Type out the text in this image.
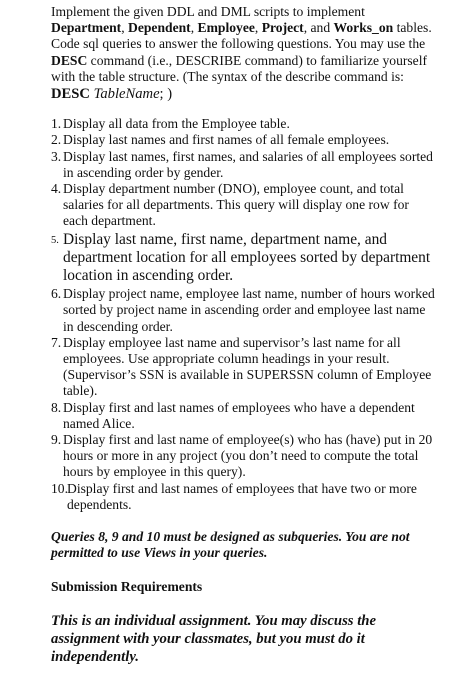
Implement the given DDL and DML scripts to implement Department, Dependent, Employee, Project, and Works_on tables. Code sql queries to answer the following questions. You may use the DESC command (i.e., DESCRIBE command) to familiarize yourself with the table structure. (The syntax of the describe command is:

DESC TableName; )

1. Display all data from the Employee table.
2. Display last names and first names of all female employees.
3. Display last names, first names, and salaries of all employees sorted in ascending order by gender.
4. Display department number (DNO), employee count, and total salaries for all departments. This query will display one row for each department.
5. Display last name, first name, department name, and department location for all employees sorted by department location in ascending order.
6. Display project name, employee last name, number of hours worked sorted by project name in ascending order and employee last name in descending order.
7. Display employee last name and supervisor’s last name for all employees. Use appropriate column headings in your result. (Supervisor’s SSN is available in SUPERSSN column of Employee table).
8. Display first and last names of employees who have a dependent named Alice.
9. Display first and last name of employee(s) who has (have) put in 20 hours or more in any project (you don’t need to compute the total hours by employee in this query).
10. Display first and last names of employees that have two or more dependents.

Queries 8, 9 and 10 must be designed as subqueries. You are not permitted to use Views in your queries.

Submission Requirements

This is an individual assignment. You may discuss the assignment with your classmates, but you must do it independently.
